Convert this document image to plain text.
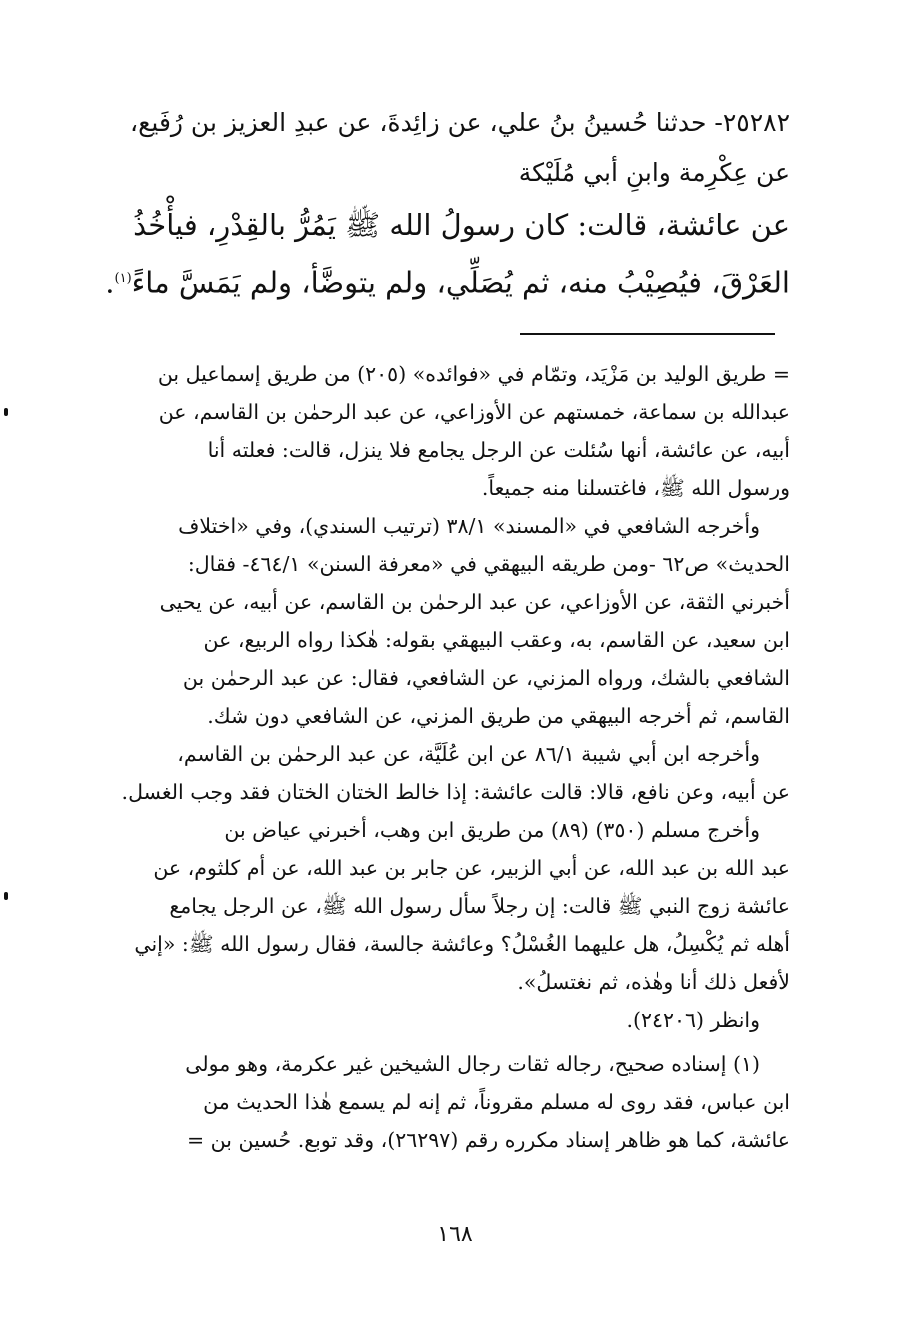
٢٥٢٨٢- حدثنا حُسينُ بنُ علي، عن زائِدةَ، عن عبدِ العزيز بن رُفَيع،

عن عِكْرِمة وابنِ أبي مُلَيْكة

عن عائشة، قالت: كان رسولُ الله ﷺ يَمُرُّ بالقِدْرِ، فيأْخُذُ

العَرْقَ، فيُصِيْبُ منه، ثم يُصَلِّي، ولم يتوضَّأ، ولم يَمَسَّ ماءً$^{(١)}$.

= طريق الوليد بن مَزْيَد، وتمّام في «فوائده» (٢٠٥) من طريق إسماعيل بن

عبدالله بن سماعة، خمستهم عن الأوزاعي، عن عبد الرحمٰن بن القاسم، عن

أبيه، عن عائشة، أنها سُئلت عن الرجل يجامع فلا ينزل، قالت: فعلته أنا

ورسول الله ﷺ، فاغتسلنا منه جميعاً.

وأخرجه الشافعي في «المسند» ٣٨/١ (ترتيب السندي)، وفي «اختلاف

الحديث» ص٦٢ -ومن طريقه البيهقي في «معرفة السنن» ٤٦٤/١- فقال:

أخبرني الثقة، عن الأوزاعي، عن عبد الرحمٰن بن القاسم، عن أبيه، عن يحيى

ابن سعيد، عن القاسم، به، وعقب البيهقي بقوله: هٰكذا رواه الربيع، عن

الشافعي بالشك، ورواه المزني، عن الشافعي، فقال: عن عبد الرحمٰن بن

القاسم، ثم أخرجه البيهقي من طريق المزني، عن الشافعي دون شك.

وأخرجه ابن أبي شيبة ٨٦/١ عن ابن عُلَيَّة، عن عبد الرحمٰن بن القاسم،

عن أبيه، وعن نافع، قالا: قالت عائشة: إذا خالط الختان الختان فقد وجب الغسل.

وأخرج مسلم (٣٥٠) (٨٩) من طريق ابن وهب، أخبرني عياض بن

عبد الله بن عبد الله، عن أبي الزبير، عن جابر بن عبد الله، عن أم كلثوم، عن

عائشة زوج النبي ﷺ قالت: إن رجلاً سأل رسول الله ﷺ، عن الرجل يجامع

أهله ثم يُكْسِلُ، هل عليهما الغُسْلُ؟ وعائشة جالسة، فقال رسول الله ﷺ: «إني

لأفعل ذلك أنا وهٰذه، ثم نغتسلُ».

وانظر (٢٤٢٠٦).

(١) إسناده صحيح، رجاله ثقات رجال الشيخين غير عكرمة، وهو مولى

ابن عباس، فقد روى له مسلم مقروناً، ثم إنه لم يسمع هٰذا الحديث من

عائشة، كما هو ظاهر إسناد مكرره رقم (٢٦٢٩٧)، وقد توبع. حُسين بن =

١٦٨
